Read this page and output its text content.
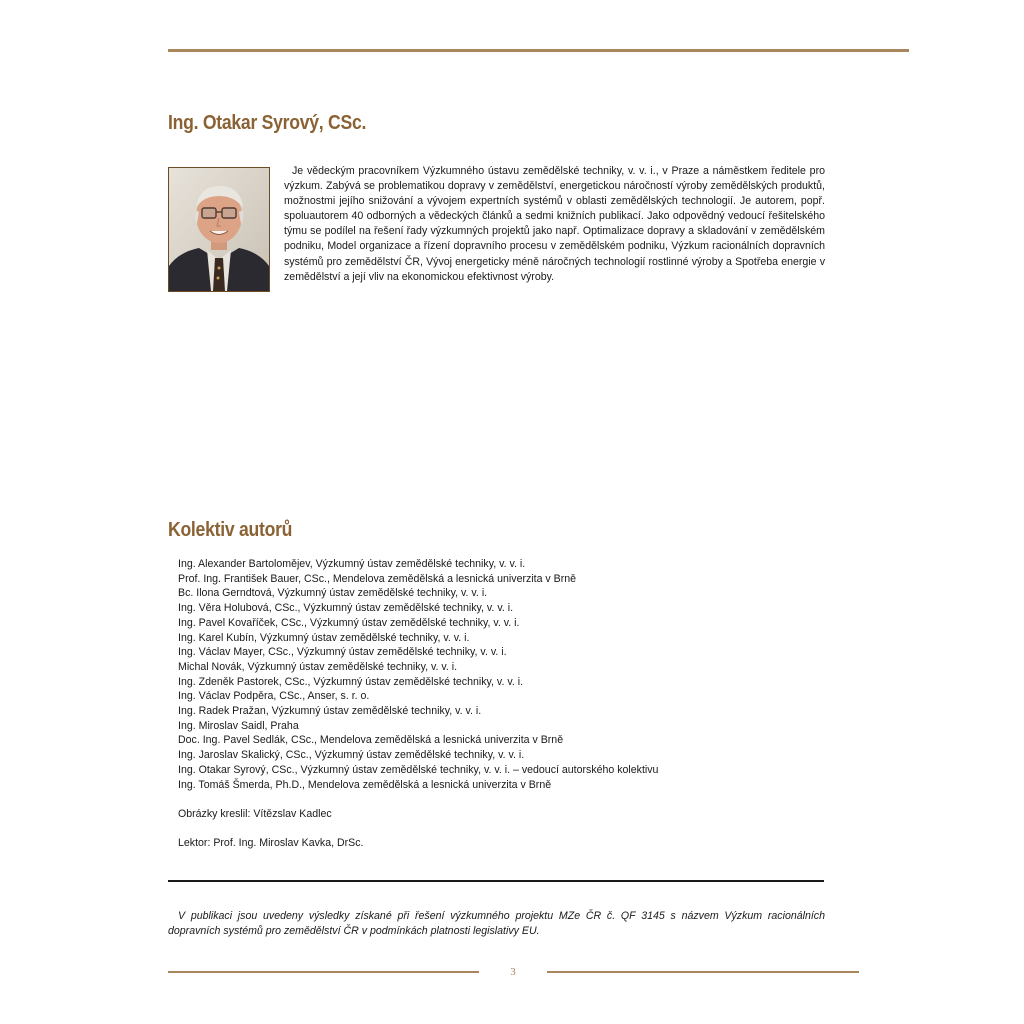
Ing. Otakar Syrový, CSc.

Je vědeckým pracovníkem Výzkumného ústavu zemědělské techniky, v. v. i., v Praze a náměstkem ředitele pro výzkum. Zabývá se problematikou dopravy v zemědělství, energetickou náročností výroby zemědělských produktů, možnostmi jejího snižování a vývojem expertních systémů v oblasti zemědělských technologií. Je autorem, popř. spoluautorem 40 odborných a vědeckých článků a sedmi knižních publikací. Jako odpovědný vedoucí řešitelského týmu se podílel na řešení řady výzkumných projektů jako např. Optimalizace dopravy a skladování v zemědělském podniku, Model organizace a řízení dopravního procesu v zemědělském podniku, Výzkum racionálních dopravních systémů pro zemědělství ČR, Vývoj energeticky méně náročných technologií rostlinné výroby a Spotřeba energie v zemědělství a její vliv na ekonomickou efektivnost výroby.

Kolektiv autorů
Ing. Alexander Bartoloměјev, Výzkumný ústav zemědělské techniky, v. v. i.
Prof. Ing. František Bauer, CSc., Mendelova zemědělská a lesnická univerzita v Brně
Bc. Ilona Gerndtová, Výzkumný ústav zemědělské techniky, v. v. i.
Ing. Věra Holubová, CSc., Výzkumný ústav zemědělské techniky, v. v. i.
Ing. Pavel Kovaříček, CSc., Výzkumný ústav zemědělské techniky, v. v. i.
Ing. Karel Kubín, Výzkumný ústav zemědělské techniky, v. v. i.
Ing. Václav Mayer, CSc., Výzkumný ústav zemědělské techniky, v. v. i.
Michal Novák, Výzkumný ústav zemědělské techniky, v. v. i.
Ing. Zdeněk Pastorek, CSc., Výzkumný ústav zemědělské techniky, v. v. i.
Ing. Václav Podpěra, CSc., Anser, s. r. o.
Ing. Radek Pražan, Výzkumný ústav zemědělské techniky, v. v. i.
Ing. Miroslav Saidl, Praha
Doc. Ing. Pavel Sedlák, CSc., Mendelova zemědělská a lesnická univerzita v Brně
Ing. Jaroslav Skalický, CSc., Výzkumný ústav zemědělské techniky, v. v. i.
Ing. Otakar Syrový, CSc., Výzkumný ústav zemědělské techniky, v. v. i. – vedoucí autorského kolektivu
Ing. Tomáš Šmerda, Ph.D., Mendelova zemědělská a lesnická univerzita v Brně

Obrázky kreslil: Vítězslav Kadlec

Lektor: Prof. Ing. Miroslav Kavka, DrSc.

V publikaci jsou uvedeny výsledky získané při řešení výzkumného projektu MZe ČR č. QF 3145 s názvem Výzkum racionálních dopravních systémů pro zemědělství ČR v podmínkách platnosti legislativy EU.

3
